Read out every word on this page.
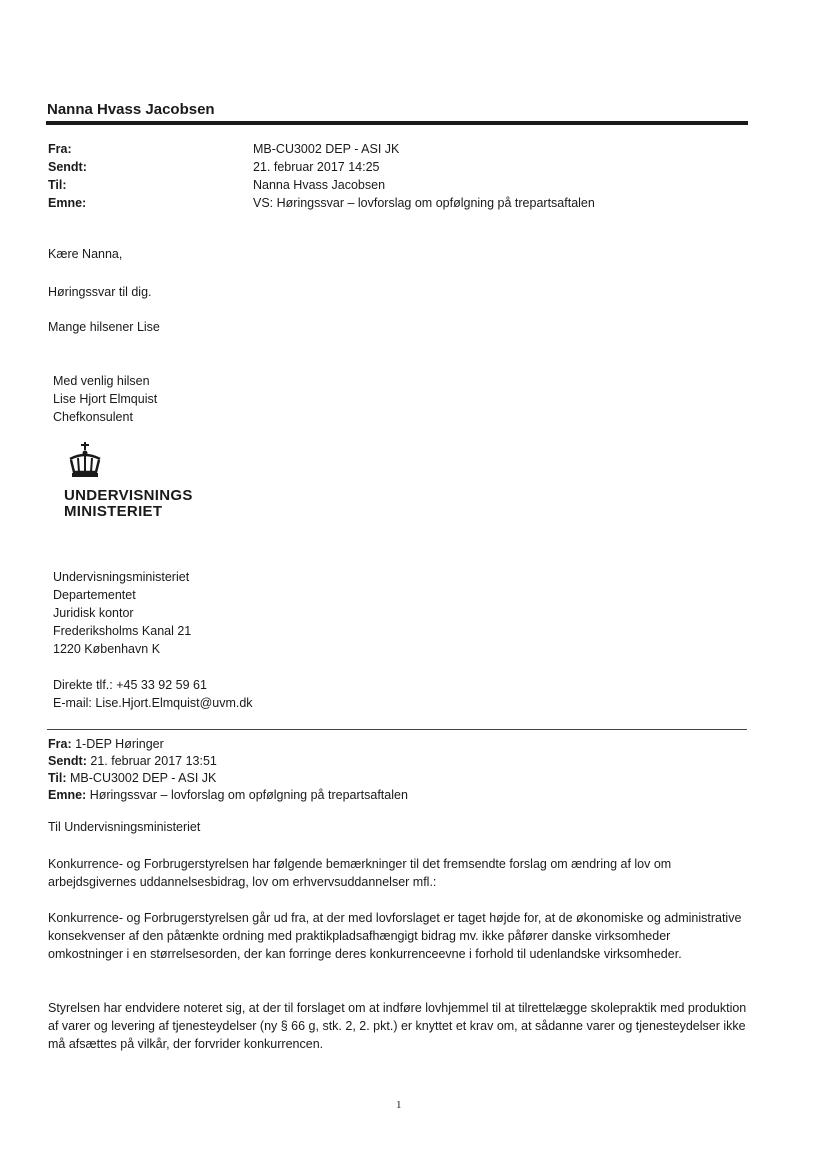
Nanna Hvass Jacobsen
Fra:	MB-CU3002 DEP - ASI JK
Sendt:	21. februar 2017 14:25
Til:	Nanna Hvass Jacobsen
Emne:	VS: Høringssvar – lovforslag om opfølgning på trepartsaftalen
Kære Nanna,
Høringssvar til dig.
Mange hilsener Lise
Med venlig hilsen
Lise Hjort Elmquist
Chefkonsulent
UNDERVISNINGS
MINISTERIET
Undervisningsministeriet
Departementet
Juridisk kontor
Frederiksholms Kanal 21
1220 København K
Direkte tlf.: +45 33 92 59 61
E-mail: Lise.Hjort.Elmquist@uvm.dk
Fra: 1-DEP Høringer
Sendt: 21. februar 2017 13:51
Til: MB-CU3002 DEP - ASI JK
Emne: Høringssvar – lovforslag om opfølgning på trepartsaftalen
Til Undervisningsministeriet
Konkurrence- og Forbrugerstyrelsen har følgende bemærkninger til det fremsendte forslag om ændring af lov om arbejdsgivernes uddannelsesbidrag, lov om erhvervsuddannelser mfl.:
Konkurrence- og Forbrugerstyrelsen går ud fra, at der med lovforslaget er taget højde for, at de økonomiske og administrative konsekvenser af den påtænkte ordning med praktikpladsafhængigt bidrag mv. ikke påfører danske virksomheder omkostninger i en størrelsesorden, der kan forringe deres konkurrenceevne i forhold til udenlandske virksomheder.
Styrelsen har endvidere noteret sig, at der til forslaget om at indføre lovhjemmel til at tilrettelægge skolepraktik med produktion af varer og levering af tjenesteydelser (ny § 66 g, stk. 2, 2. pkt.) er knyttet et krav om, at sådanne varer og tjenesteydelser ikke må afsættes på vilkår, der forvrider konkurrencen.
1
